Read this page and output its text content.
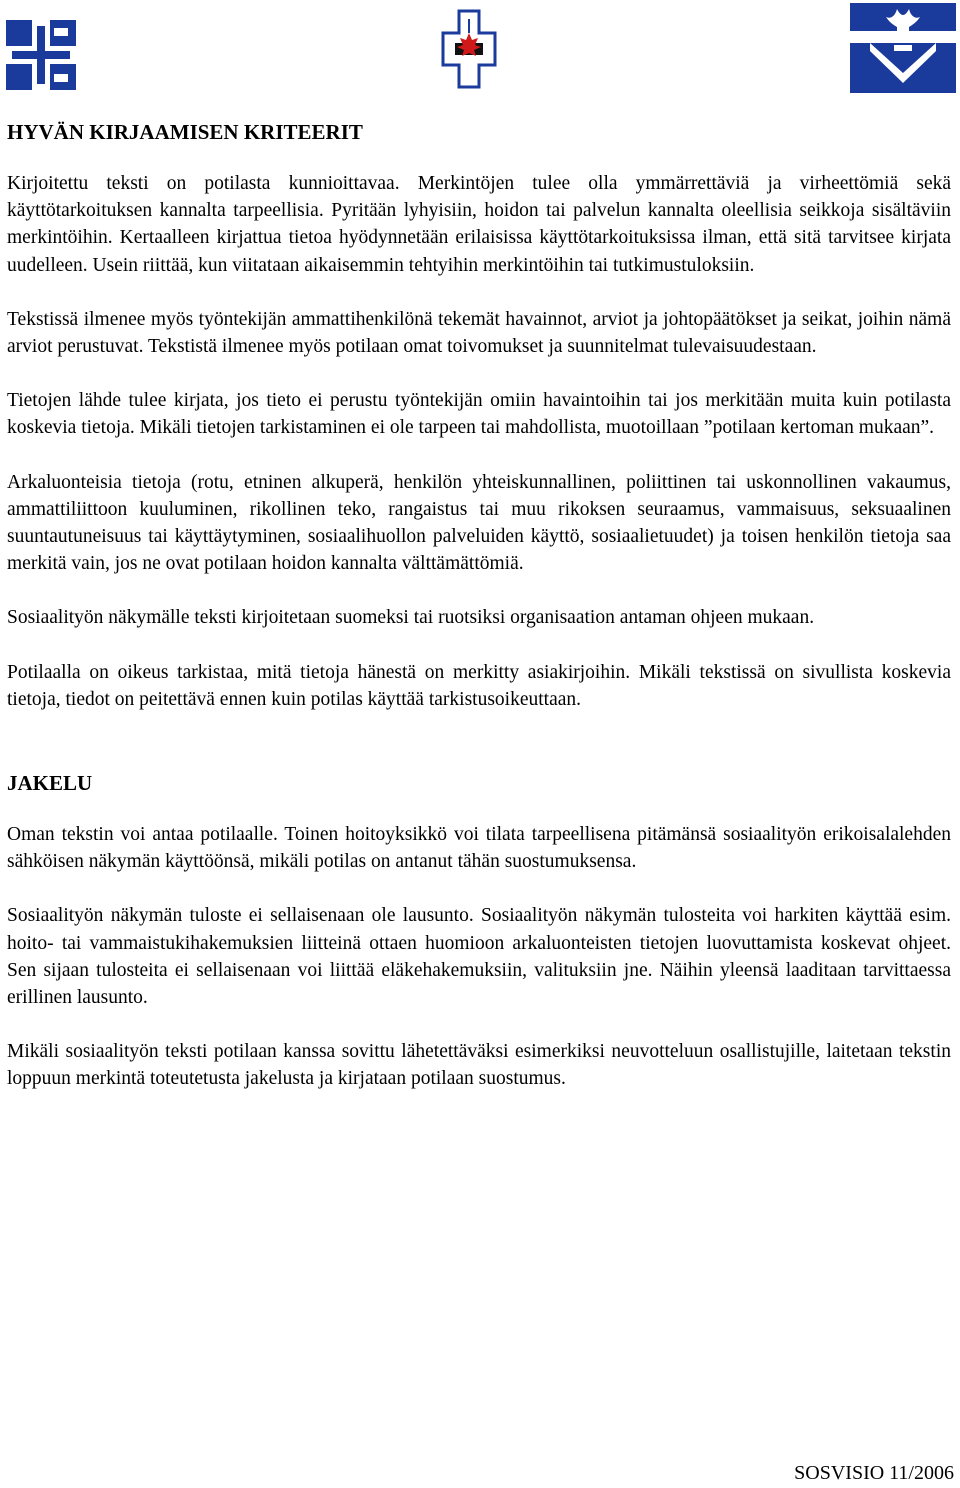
HYVÄN KIRJAAMISEN KRITEERIT

Kirjoitettu teksti on potilasta kunnioittavaa. Merkintöjen tulee olla ymmärrettäviä ja virheettömiä sekä käyttötarkoituksen kannalta tarpeellisia. Pyritään lyhyisiin, hoidon tai palvelun kannalta oleellisia seikkoja sisältäviin merkintöihin. Kertaalleen kirjattua tietoa hyödynnetään erilaisissa käyttötarkoituksissa ilman, että sitä tarvitsee kirjata uudelleen. Usein riittää, kun viitataan aikaisemmin tehtyihin merkintöihin tai tutkimustuloksiin.

Tekstissä ilmenee myös työntekijän ammattihenkilönä tekemät havainnot, arviot ja johtopäätökset ja seikat, joihin nämä arviot perustuvat. Tekstistä ilmenee myös potilaan omat toivomukset ja suunnitelmat tulevaisuudestaan.

Tietojen lähde tulee kirjata, jos tieto ei perustu työntekijän omiin havaintoihin tai jos merkitään muita kuin potilasta koskevia tietoja. Mikäli tietojen tarkistaminen ei ole tarpeen tai mahdollista, muotoillaan ”potilaan kertoman mukaan”.

Arkaluonteisia tietoja (rotu, etninen alkuperä, henkilön yhteiskunnallinen, poliittinen tai uskonnollinen vakaumus, ammattiliittoon kuuluminen, rikollinen teko, rangaistus tai muu rikoksen seuraamus, vammaisuus, seksuaalinen suuntautuneisuus tai käyttäytyminen, sosiaalihuollon palveluiden käyttö, sosiaalietuudet) ja toisen henkilön tietoja saa merkitä vain, jos ne ovat potilaan hoidon kannalta välttämättömiä.

Sosiaalityön näkymälle teksti kirjoitetaan suomeksi tai ruotsiksi organisaation antaman ohjeen mukaan.

Potilaalla on oikeus tarkistaa, mitä tietoja hänestä on merkitty asiakirjoihin. Mikäli tekstissä on sivullista koskevia tietoja, tiedot on peitettävä ennen kuin potilas käyttää tarkistusoikeuttaan.

JAKELU

Oman tekstin voi antaa potilaalle. Toinen hoitoyksikkö voi tilata tarpeellisena pitämänsä sosiaalityön erikoisalalehden sähköisen näkymän käyttöönsä, mikäli potilas on antanut tähän suostumuksensa.

Sosiaalityön näkymän tuloste ei sellaisenaan ole lausunto. Sosiaalityön näkymän tulosteita voi harkiten käyttää esim. hoito- tai vammaistukihakemuksien liitteinä ottaen huomioon arkaluonteisten tietojen luovuttamista koskevat ohjeet. Sen sijaan tulosteita ei sellaisenaan voi liittää eläkehakemuksiin, valituksiin jne. Näihin yleensä laaditaan tarvittaessa erillinen lausunto.

Mikäli sosiaalityön teksti potilaan kanssa sovittu lähetettäväksi esimerkiksi neuvotteluun osallistujille, laitetaan tekstin loppuun merkintä toteutetusta jakelusta ja kirjataan potilaan suostumus.

SOSVISIO 11/2006
